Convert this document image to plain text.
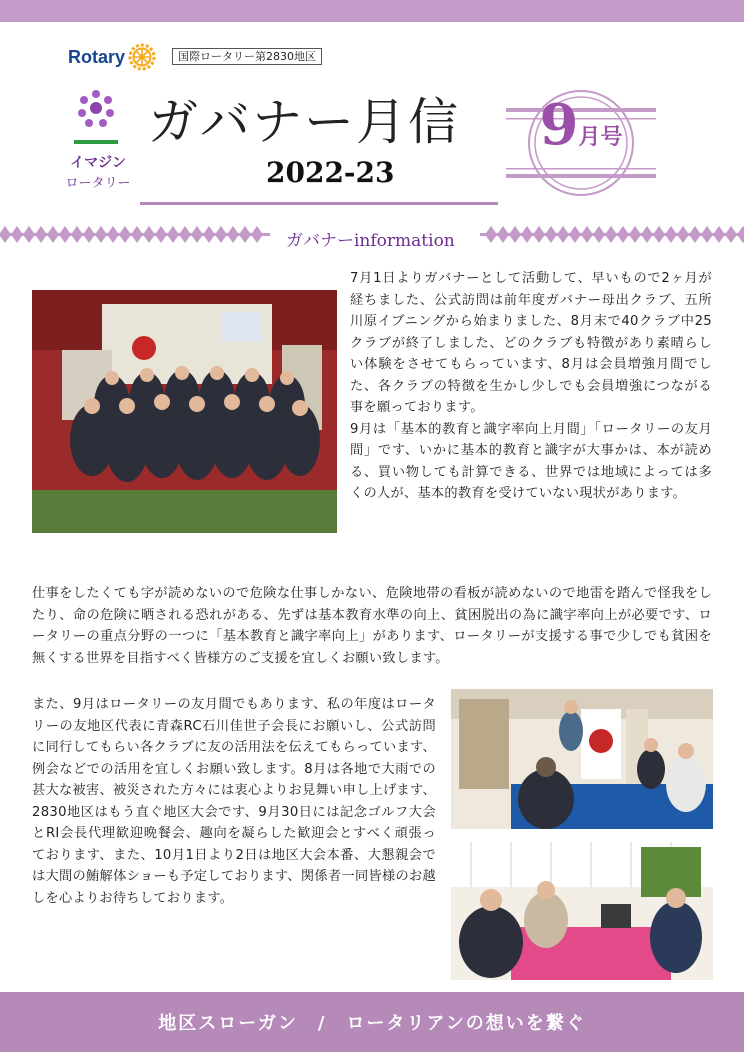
Rotary	国際ロータリー第2830地区
イマジン
ロータリー
ガバナー月信
2022-23
9月号
ガバナーinformation

7月1日よりガバナーとして活動して、早いもので2ヶ月が経ちました、公式訪問は前年度ガバナー母出クラブ、五所川原イブニングから始まりました、8月末で40クラブ中25クラブが終了しました、どのクラブも特徴があり素晴らしい体験をさせてもらっています、8月は会員増強月間でした、各クラブの特徴を生かし少しでも会員増強につながる事を願っております。

9月は「基本的教育と識字率向上月間」「ロータリーの友月間」です、いかに基本的教育と識字が大事かは、本が読める、買い物しても計算できる、世界では地域によっては多くの人が、基本的教育を受けていない現状があります。

仕事をしたくても字が読めないので危険な仕事しかない、危険地帯の看板が読めないので地雷を踏んで怪我をしたり、命の危険に晒される恐れがある、先ずは基本教育水準の向上、貧困脱出の為に識字率向上が必要です、ロータリーの重点分野の一つに「基本教育と識字率向上」があります、ロータリーが支援する事で少しでも貧困を無くする世界を目指すべく皆様方のご支援を宜しくお願い致します。

また、9月はロータリーの友月間でもあります、私の年度はロータリーの友地区代表に青森RC石川佳世子会長にお願いし、公式訪問に同行してもらい各クラブに友の活用法を伝えてもらっています、例会などでの活用を宜しくお願い致します。8月は各地で大雨での甚大な被害、被災された方々には衷心よりお見舞い申し上げます、2830地区はもう直ぐ地区大会です、9月30日には記念ゴルフ大会とRI会長代理歓迎晩餐会、趣向を凝らした歓迎会とすべく頑張っております、また、10月1日より2日は地区大会本番、大懇親会では大間の鮪解体ショーも予定しております、関係者一同皆様のお越しを心よりお待ちしております。

地区スローガン　/　ロータリアンの想いを繋ぐ
